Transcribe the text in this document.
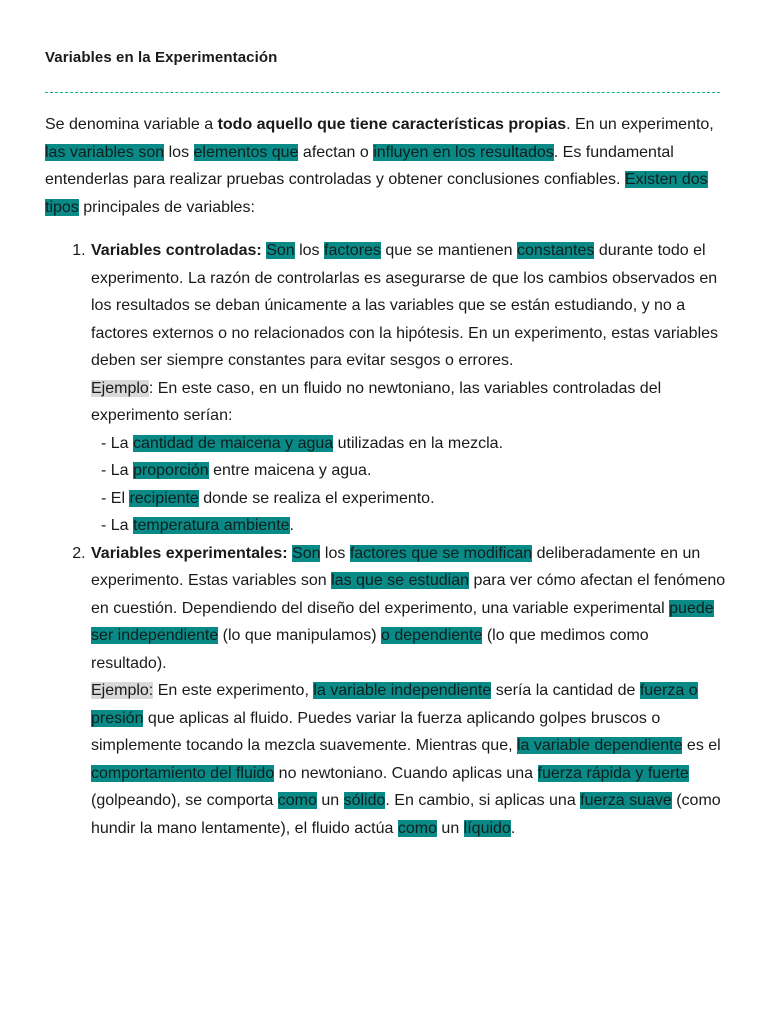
Variables en la Experimentación

Se denomina variable a todo aquello que tiene características propias. En un experimento, las variables son los elementos que afectan o influyen en los resultados. Es fundamental entenderlas para realizar pruebas controladas y obtener conclusiones confiables. Existen dos tipos principales de variables:

1. Variables controladas: Son los factores que se mantienen constantes durante todo el experimento. La razón de controlarlas es asegurarse de que los cambios observados en los resultados se deban únicamente a las variables que se están estudiando, y no a factores externos o no relacionados con la hipótesis. En un experimento, estas variables deben ser siempre constantes para evitar sesgos o errores.
Ejemplo: En este caso, en un fluido no newtoniano, las variables controladas del experimento serían:
- La cantidad de maicena y agua utilizadas en la mezcla.
- La proporción entre maicena y agua.
- El recipiente donde se realiza el experimento.
- La temperatura ambiente.
2. Variables experimentales: Son los factores que se modifican deliberadamente en un experimento. Estas variables son las que se estudian para ver cómo afectan el fenómeno en cuestión. Dependiendo del diseño del experimento, una variable experimental puede ser independiente (lo que manipulamos) o dependiente (lo que medimos como resultado).
Ejemplo: En este experimento, la variable independiente sería la cantidad de fuerza o presión que aplicas al fluido. Puedes variar la fuerza aplicando golpes bruscos o simplemente tocando la mezcla suavemente. Mientras que, la variable dependiente es el comportamiento del fluido no newtoniano. Cuando aplicas una fuerza rápida y fuerte (golpeando), se comporta como un sólido. En cambio, si aplicas una fuerza suave (como hundir la mano lentamente), el fluido actúa como un líquido.
